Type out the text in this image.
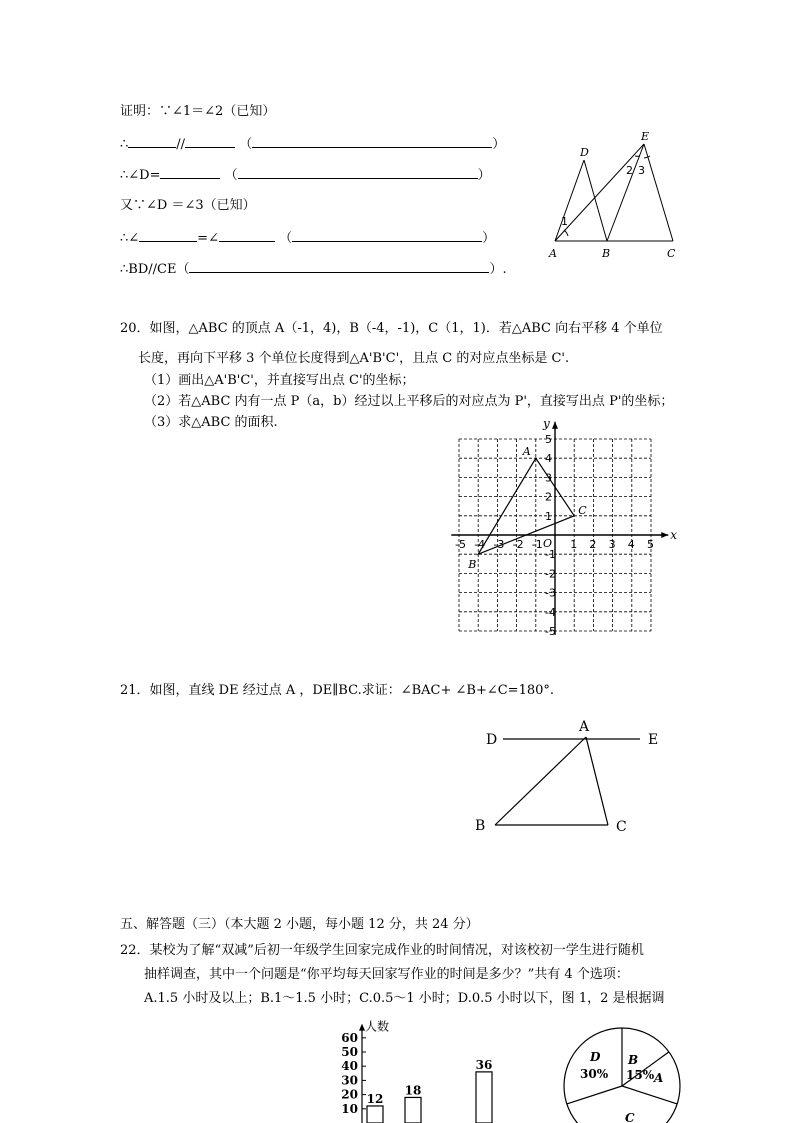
证明：∵∠1＝∠2（已知）
∴	//	（	）
∴∠D=	（	）
又∵∠D ＝∠3（已知）
∴∠	=∠	（	）
∴BD//CE（	）.
D
E
2 3
1
A	B	C
20．如图，△ABC 的顶点 A（-1，4)，B（-4，-1)，C（1，1)．若△ABC 向右平移 4 个单位
长度，再向下平移 3 个单位长度得到△A'B'C'，且点 C 的对应点坐标是 C'.
（1）画出△A'B'C'，并直接写出点 C'的坐标；
（2）若△ABC 内有一点 P（a，b）经过以上平移后的对应点为 P'，直接写出点 P'的坐标；
（3）求△ABC 的面积.
x
y
O
-5 -4 -3 -2 -1 1 2 3 4 5
5
4
3
2
1
-1
-2
-3
-4
-5
A
B
C
21．如图，直线 DE 经过点 A ，DE∥BC.求证：∠BAC+ ∠B+∠C=180°.
D
A
E
B	C
五、解答题（三）（本大题 2 小题，每小题 12 分，共 24 分）
22．某校为了解“双减”后初一年级学生回家完成作业的时间情况，对该校初一学生进行随机
抽样调查，其中一个问题是“你平均每天回家写作业的时间是多少？”共有 4 个选项：
A.1.5 小时及以上；B.1～1.5 小时；C.0.5～1 小时；D.0.5 小时以下，图 1，2 是根据调
人数
10
20
30
40
50
60
12
18
36	B
15% A
C
D
30%
